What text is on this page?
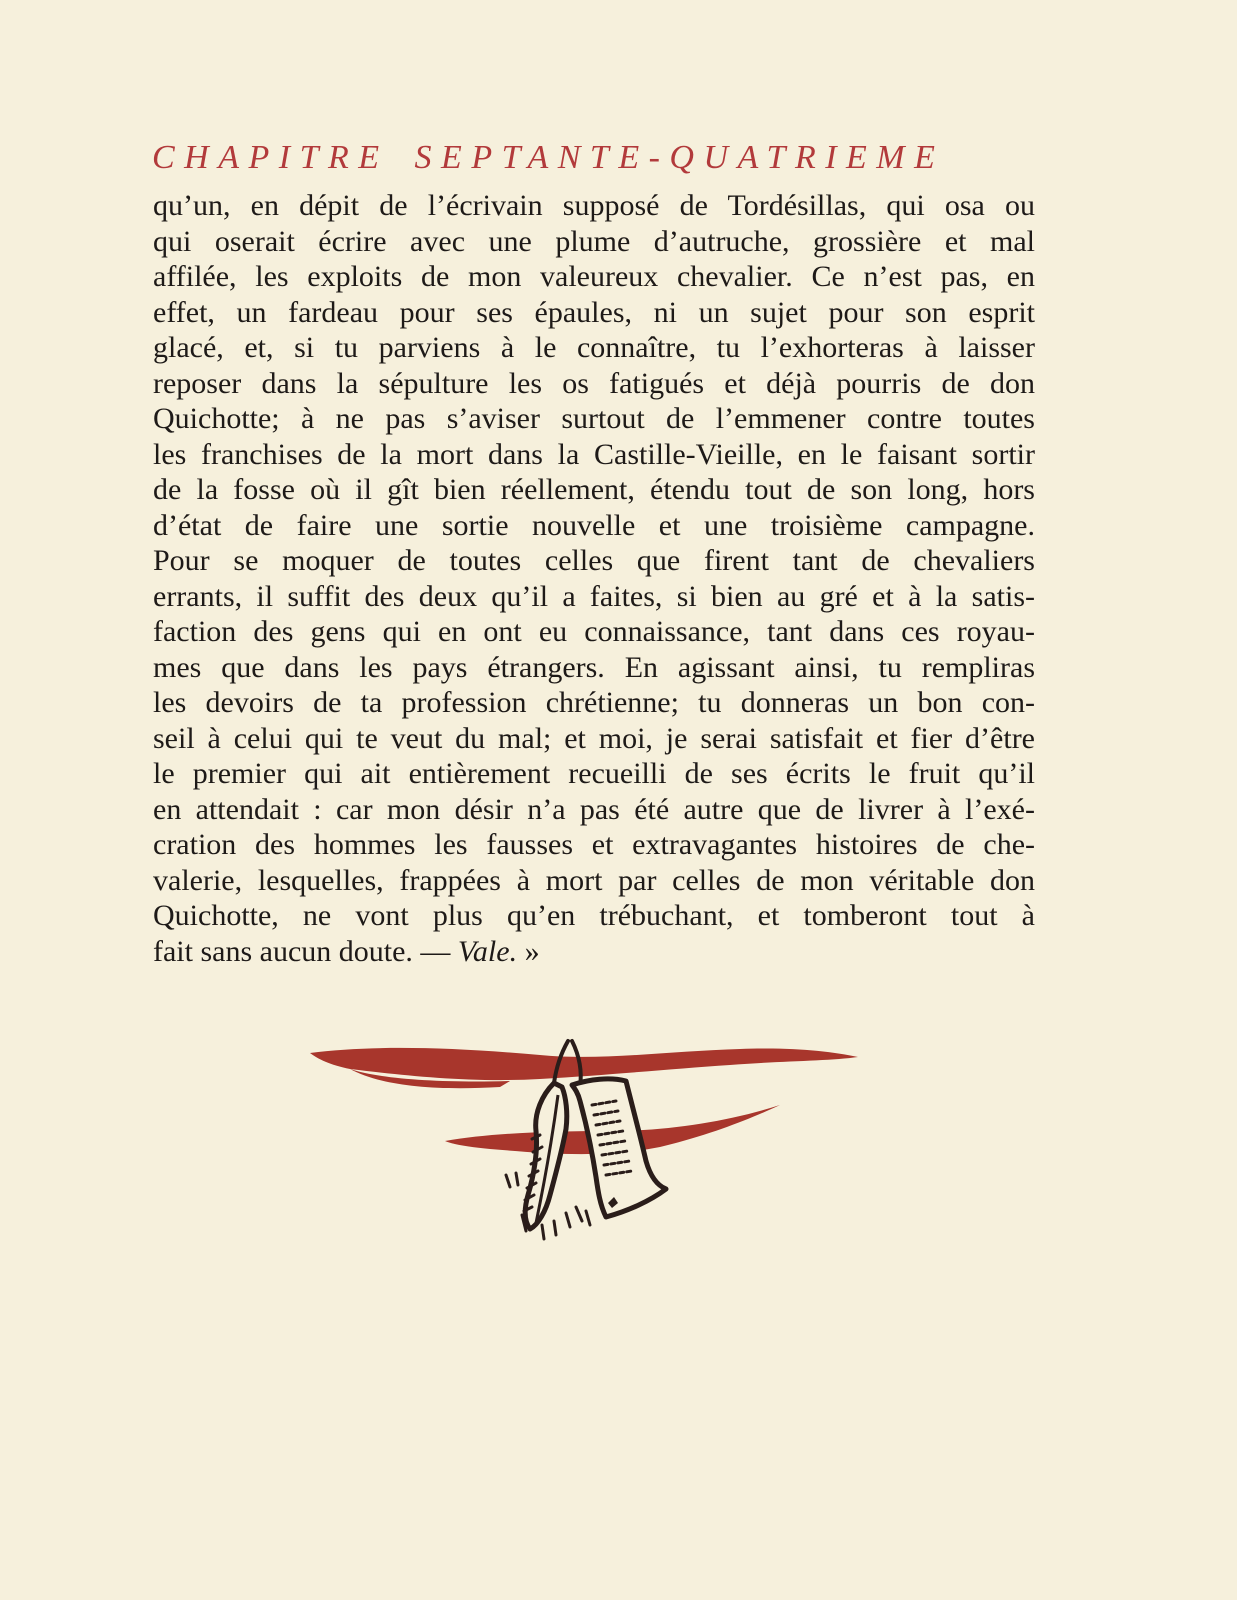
CHAPITRE SEPTANTE-QUATRIEME
qu’un, en dépit de l’écrivain supposé de Tordésillas, qui osa ou
qui oserait écrire avec une plume d’autruche, grossière et mal
affilée, les exploits de mon valeureux chevalier. Ce n’est pas, en
effet, un fardeau pour ses épaules, ni un sujet pour son esprit
glacé, et, si tu parviens à le connaître, tu l’exhorteras à laisser
reposer dans la sépulture les os fatigués et déjà pourris de don
Quichotte; à ne pas s’aviser surtout de l’emmener contre toutes
les franchises de la mort dans la Castille-Vieille, en le faisant sortir
de la fosse où il gît bien réellement, étendu tout de son long, hors
d’état de faire une sortie nouvelle et une troisième campagne.
Pour se moquer de toutes celles que firent tant de chevaliers
errants, il suffit des deux qu’il a faites, si bien au gré et à la satis-
faction des gens qui en ont eu connaissance, tant dans ces royau-
mes que dans les pays étrangers. En agissant ainsi, tu rempliras
les devoirs de ta profession chrétienne; tu donneras un bon con-
seil à celui qui te veut du mal; et moi, je serai satisfait et fier d’être
le premier qui ait entièrement recueilli de ses écrits le fruit qu’il
en attendait : car mon désir n’a pas été autre que de livrer à l’exé-
cration des hommes les fausses et extravagantes histoires de che-
valerie, lesquelles, frappées à mort par celles de mon véritable don
Quichotte, ne vont plus qu’en trébuchant, et tomberont tout à
fait sans aucun doute. — Vale. »
